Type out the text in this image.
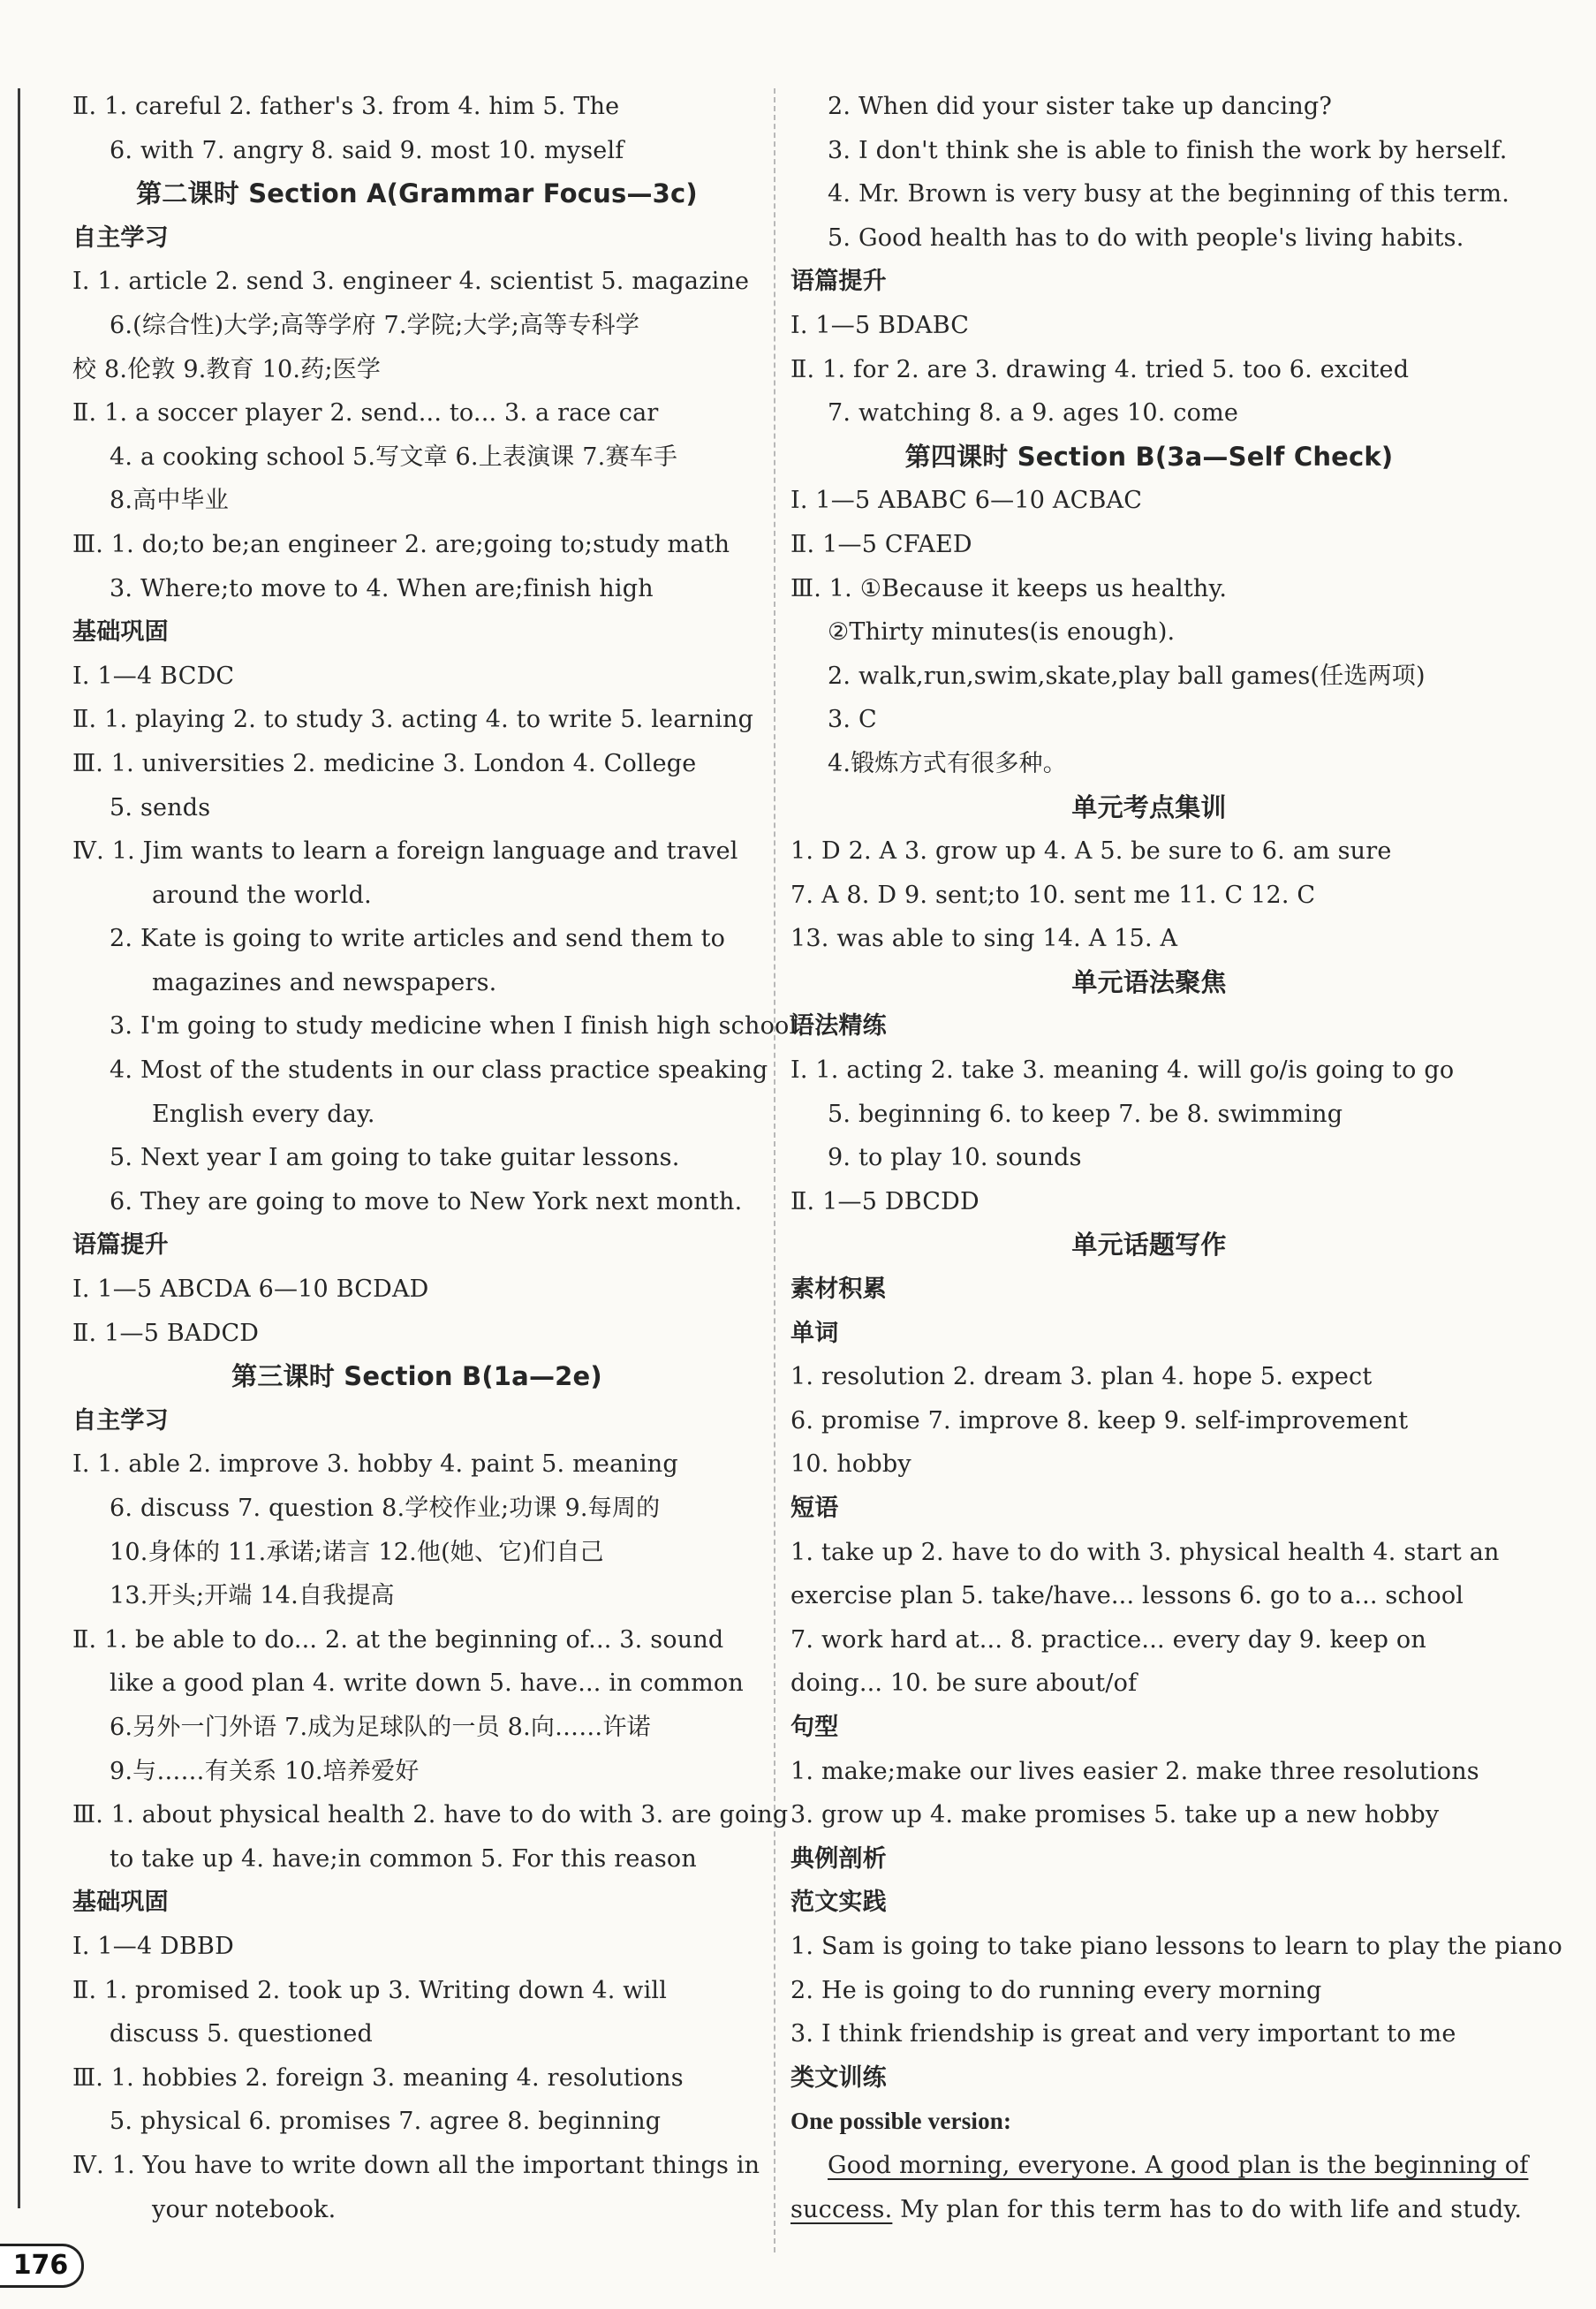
Ⅱ. 1. careful 2. father's 3. from 4. him 5. The
6. with 7. angry 8. said 9. most 10. myself
第二课时 Section A(Grammar Focus—3c)
自主学习
Ⅰ. 1. article 2. send 3. engineer 4. scientist 5. magazine
6.(综合性)大学;高等学府 7.学院;大学;高等专科学
校 8.伦敦 9.教育 10.药;医学
Ⅱ. 1. a soccer player 2. send... to... 3. a race car
4. a cooking school 5.写文章 6.上表演课 7.赛车手
8.高中毕业
Ⅲ. 1. do;to be;an engineer 2. are;going to;study math
3. Where;to move to 4. When are;finish high
基础巩固
Ⅰ. 1—4 BCDC
Ⅱ. 1. playing 2. to study 3. acting 4. to write 5. learning
Ⅲ. 1. universities 2. medicine 3. London 4. College
5. sends
Ⅳ. 1. Jim wants to learn a foreign language and travel
around the world.
2. Kate is going to write articles and send them to
magazines and newspapers.
3. I'm going to study medicine when I finish high school.
4. Most of the students in our class practice speaking
English every day.
5. Next year I am going to take guitar lessons.
6. They are going to move to New York next month.
语篇提升
Ⅰ. 1—5 ABCDA 6—10 BCDAD
Ⅱ. 1—5 BADCD
第三课时 Section B(1a—2e)
自主学习
Ⅰ. 1. able 2. improve 3. hobby 4. paint 5. meaning
6. discuss 7. question 8.学校作业;功课 9.每周的
10.身体的 11.承诺;诺言 12.他(她、它)们自己
13.开头;开端 14.自我提高
Ⅱ. 1. be able to do... 2. at the beginning of... 3. sound
like a good plan 4. write down 5. have... in common
6.另外一门外语 7.成为足球队的一员 8.向……许诺
9.与……有关系 10.培养爱好
Ⅲ. 1. about physical health 2. have to do with 3. are going
to take up 4. have;in common 5. For this reason
基础巩固
Ⅰ. 1—4 DBBD
Ⅱ. 1. promised 2. took up 3. Writing down 4. will
discuss 5. questioned
Ⅲ. 1. hobbies 2. foreign 3. meaning 4. resolutions
5. physical 6. promises 7. agree 8. beginning
Ⅳ. 1. You have to write down all the important things in
your notebook.
2. When did your sister take up dancing?
3. I don't think she is able to finish the work by herself.
4. Mr. Brown is very busy at the beginning of this term.
5. Good health has to do with people's living habits.
语篇提升
Ⅰ. 1—5 BDABC
Ⅱ. 1. for 2. are 3. drawing 4. tried 5. too 6. excited
7. watching 8. a 9. ages 10. come
第四课时 Section B(3a—Self Check)
Ⅰ. 1—5 ABABC 6—10 ACBAC
Ⅱ. 1—5 CFAED
Ⅲ. 1. ①Because it keeps us healthy.
②Thirty minutes(is enough).
2. walk,run,swim,skate,play ball games(任选两项)
3. C
4.锻炼方式有很多种。
单元考点集训
1. D 2. A 3. grow up 4. A 5. be sure to 6. am sure
7. A 8. D 9. sent;to 10. sent me 11. C 12. C
13. was able to sing 14. A 15. A
单元语法聚焦
语法精练
Ⅰ. 1. acting 2. take 3. meaning 4. will go/is going to go
5. beginning 6. to keep 7. be 8. swimming
9. to play 10. sounds
Ⅱ. 1—5 DBCDD
单元话题写作
素材积累
单词
1. resolution 2. dream 3. plan 4. hope 5. expect
6. promise 7. improve 8. keep 9. self-improvement
10. hobby
短语
1. take up 2. have to do with 3. physical health 4. start an
exercise plan 5. take/have... lessons 6. go to a... school
7. work hard at... 8. practice... every day 9. keep on
doing... 10. be sure about/of
句型
1. make;make our lives easier 2. make three resolutions
3. grow up 4. make promises 5. take up a new hobby
典例剖析
范文实践
1. Sam is going to take piano lessons to learn to play the piano
2. He is going to do running every morning
3. I think friendship is great and very important to me
类文训练
One possible version:
Good morning, everyone. A good plan is the beginning of
success. My plan for this term has to do with life and study.
176
